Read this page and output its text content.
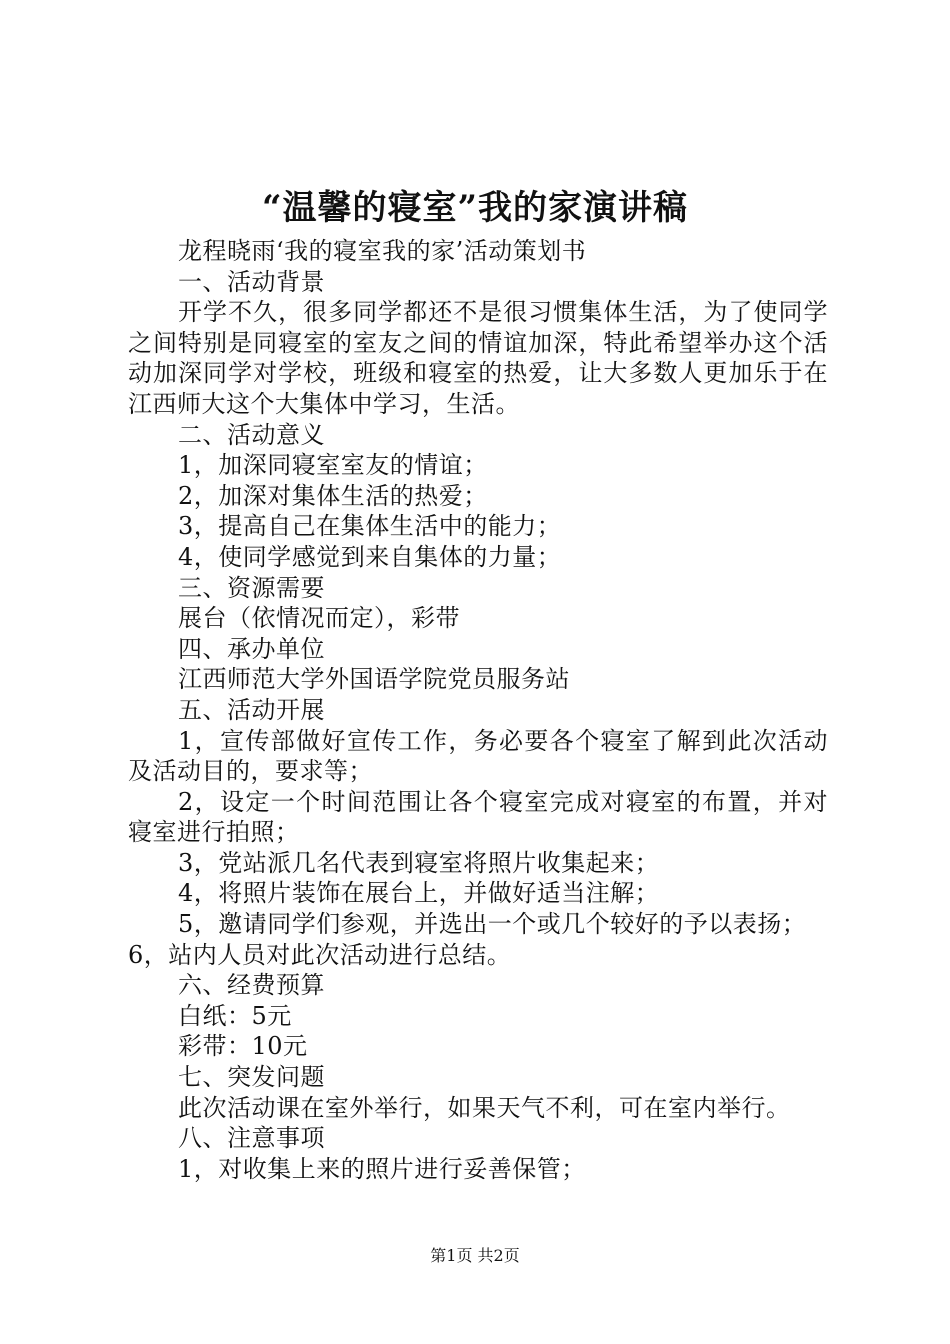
“温馨的寝室”我的家演讲稿

龙程晓雨‘我的寝室我的家’活动策划书

一、活动背景

开学不久，很多同学都还不是很习惯集体生活，为了使同学之间特别是同寝室的室友之间的情谊加深，特此希望举办这个活动加深同学对学校，班级和寝室的热爱，让大多数人更加乐于在江西师大这个大集体中学习，生活。

二、活动意义

1，加深同寝室室友的情谊；

2，加深对集体生活的热爱；

3，提高自己在集体生活中的能力；

4，使同学感觉到来自集体的力量；

三、资源需要

展台（依情况而定），彩带

四、承办单位

江西师范大学外国语学院党员服务站

五、活动开展

1，宣传部做好宣传工作，务必要各个寝室了解到此次活动及活动目的，要求等；

2，设定一个时间范围让各个寝室完成对寝室的布置，并对寝室进行拍照；

3，党站派几名代表到寝室将照片收集起来；

4，将照片装饰在展台上，并做好适当注解；

5，邀请同学们参观，并选出一个或几个较好的予以表扬；

6，站内人员对此次活动进行总结。

六、经费预算

白纸：5元

彩带：10元

七、突发问题

此次活动课在室外举行，如果天气不利，可在室内举行。

八、注意事项

1，对收集上来的照片进行妥善保管；

第1页 共2页
